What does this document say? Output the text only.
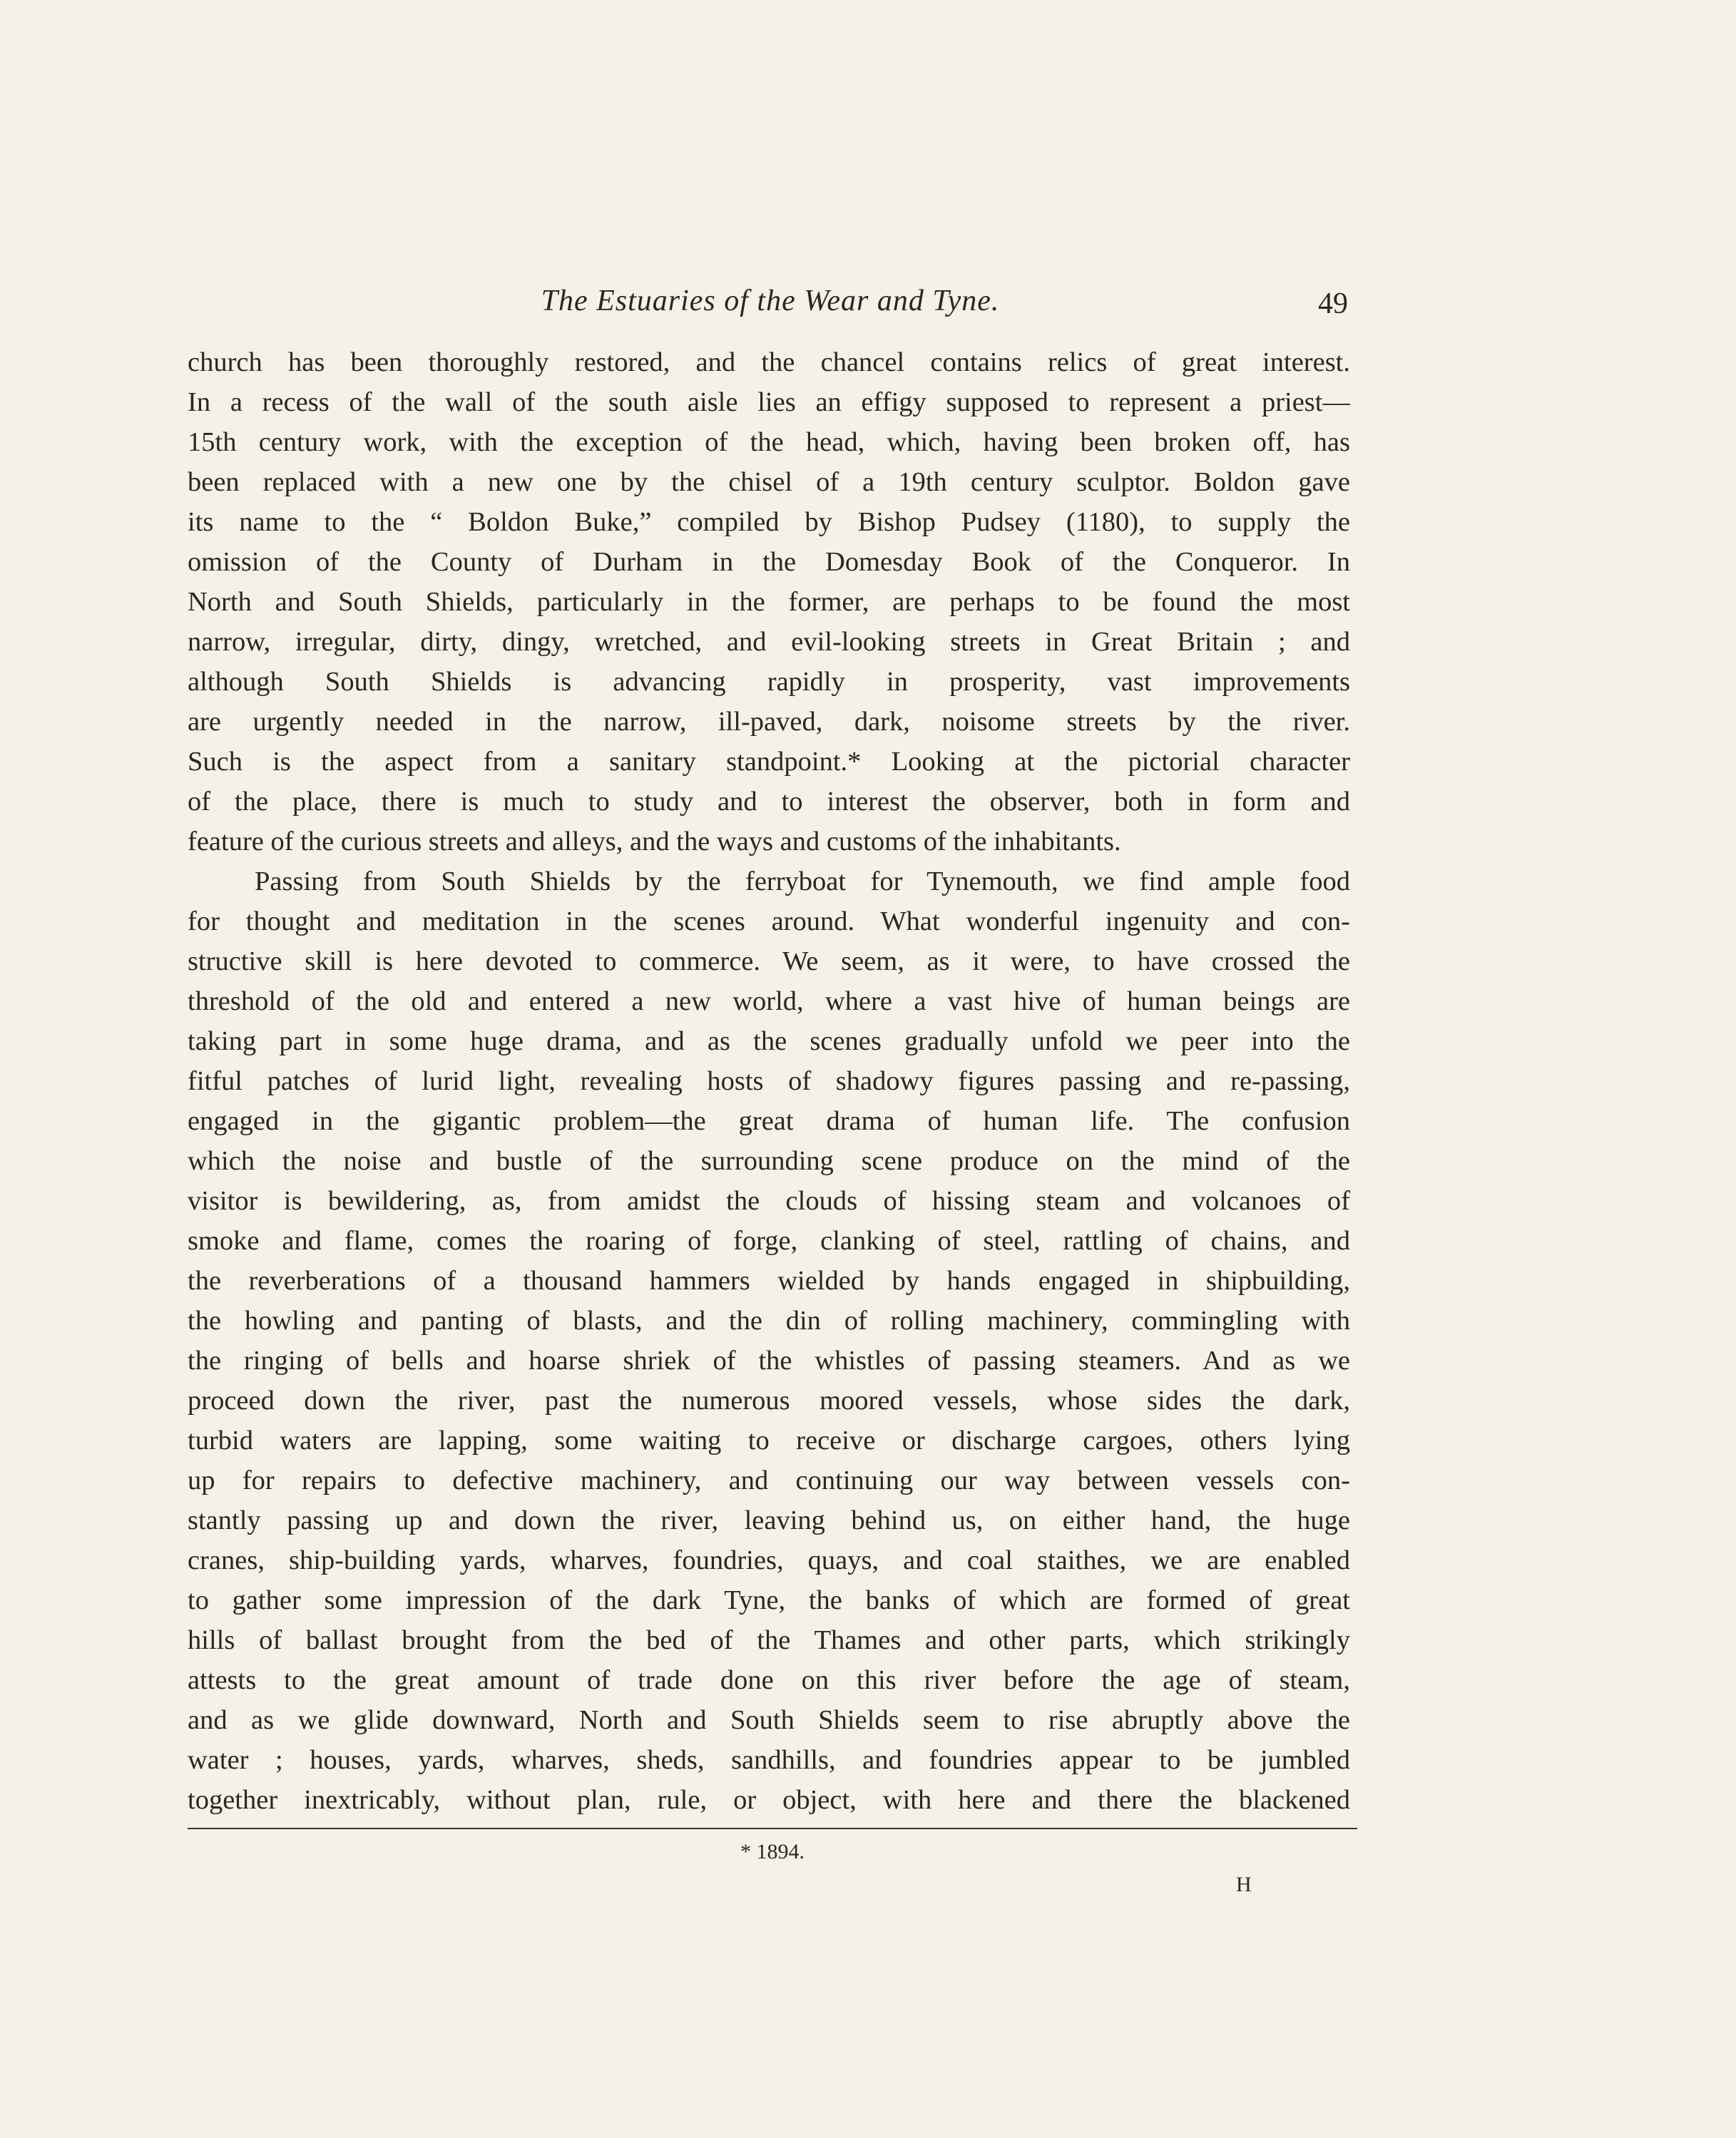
The Estuaries of the Wear and Tyne.	49
church has been thoroughly restored, and the chancel contains relics of great interest.
In a recess of the wall of the south aisle lies an effigy supposed to represent a priest—
15th century work, with the exception of the head, which, having been broken off, has
been replaced with a new one by the chisel of a 19th century sculptor. Boldon gave
its name to the “ Boldon Buke,” compiled by Bishop Pudsey (1180), to supply the
omission of the County of Durham in the Domesday Book of the Conqueror. In
North and South Shields, particularly in the former, are perhaps to be found the most
narrow, irregular, dirty, dingy, wretched, and evil-looking streets in Great Britain ; and
although South Shields is advancing rapidly in prosperity, vast improvements
are urgently needed in the narrow, ill-paved, dark, noisome streets by the river.
Such is the aspect from a sanitary standpoint.* Looking at the pictorial character
of the place, there is much to study and to interest the observer, both in form and
feature of the curious streets and alleys, and the ways and customs of the inhabitants.
Passing from South Shields by the ferryboat for Tynemouth, we find ample food
for thought and meditation in the scenes around. What wonderful ingenuity and con-
structive skill is here devoted to commerce. We seem, as it were, to have crossed the
threshold of the old and entered a new world, where a vast hive of human beings are
taking part in some huge drama, and as the scenes gradually unfold we peer into the
fitful patches of lurid light, revealing hosts of shadowy figures passing and re-passing,
engaged in the gigantic problem—the great drama of human life. The confusion
which the noise and bustle of the surrounding scene produce on the mind of the
visitor is bewildering, as, from amidst the clouds of hissing steam and volcanoes of
smoke and flame, comes the roaring of forge, clanking of steel, rattling of chains, and
the reverberations of a thousand hammers wielded by hands engaged in shipbuilding,
the howling and panting of blasts, and the din of rolling machinery, commingling with
the ringing of bells and hoarse shriek of the whistles of passing steamers. And as we
proceed down the river, past the numerous moored vessels, whose sides the dark,
turbid waters are lapping, some waiting to receive or discharge cargoes, others lying
up for repairs to defective machinery, and continuing our way between vessels con-
stantly passing up and down the river, leaving behind us, on either hand, the huge
cranes, ship-building yards, wharves, foundries, quays, and coal staithes, we are enabled
to gather some impression of the dark Tyne, the banks of which are formed of great
hills of ballast brought from the bed of the Thames and other parts, which strikingly
attests to the great amount of trade done on this river before the age of steam,
and as we glide downward, North and South Shields seem to rise abruptly above the
water ; houses, yards, wharves, sheds, sandhills, and foundries appear to be jumbled
together inextricably, without plan, rule, or object, with here and there the blackened
* 1894.
H
